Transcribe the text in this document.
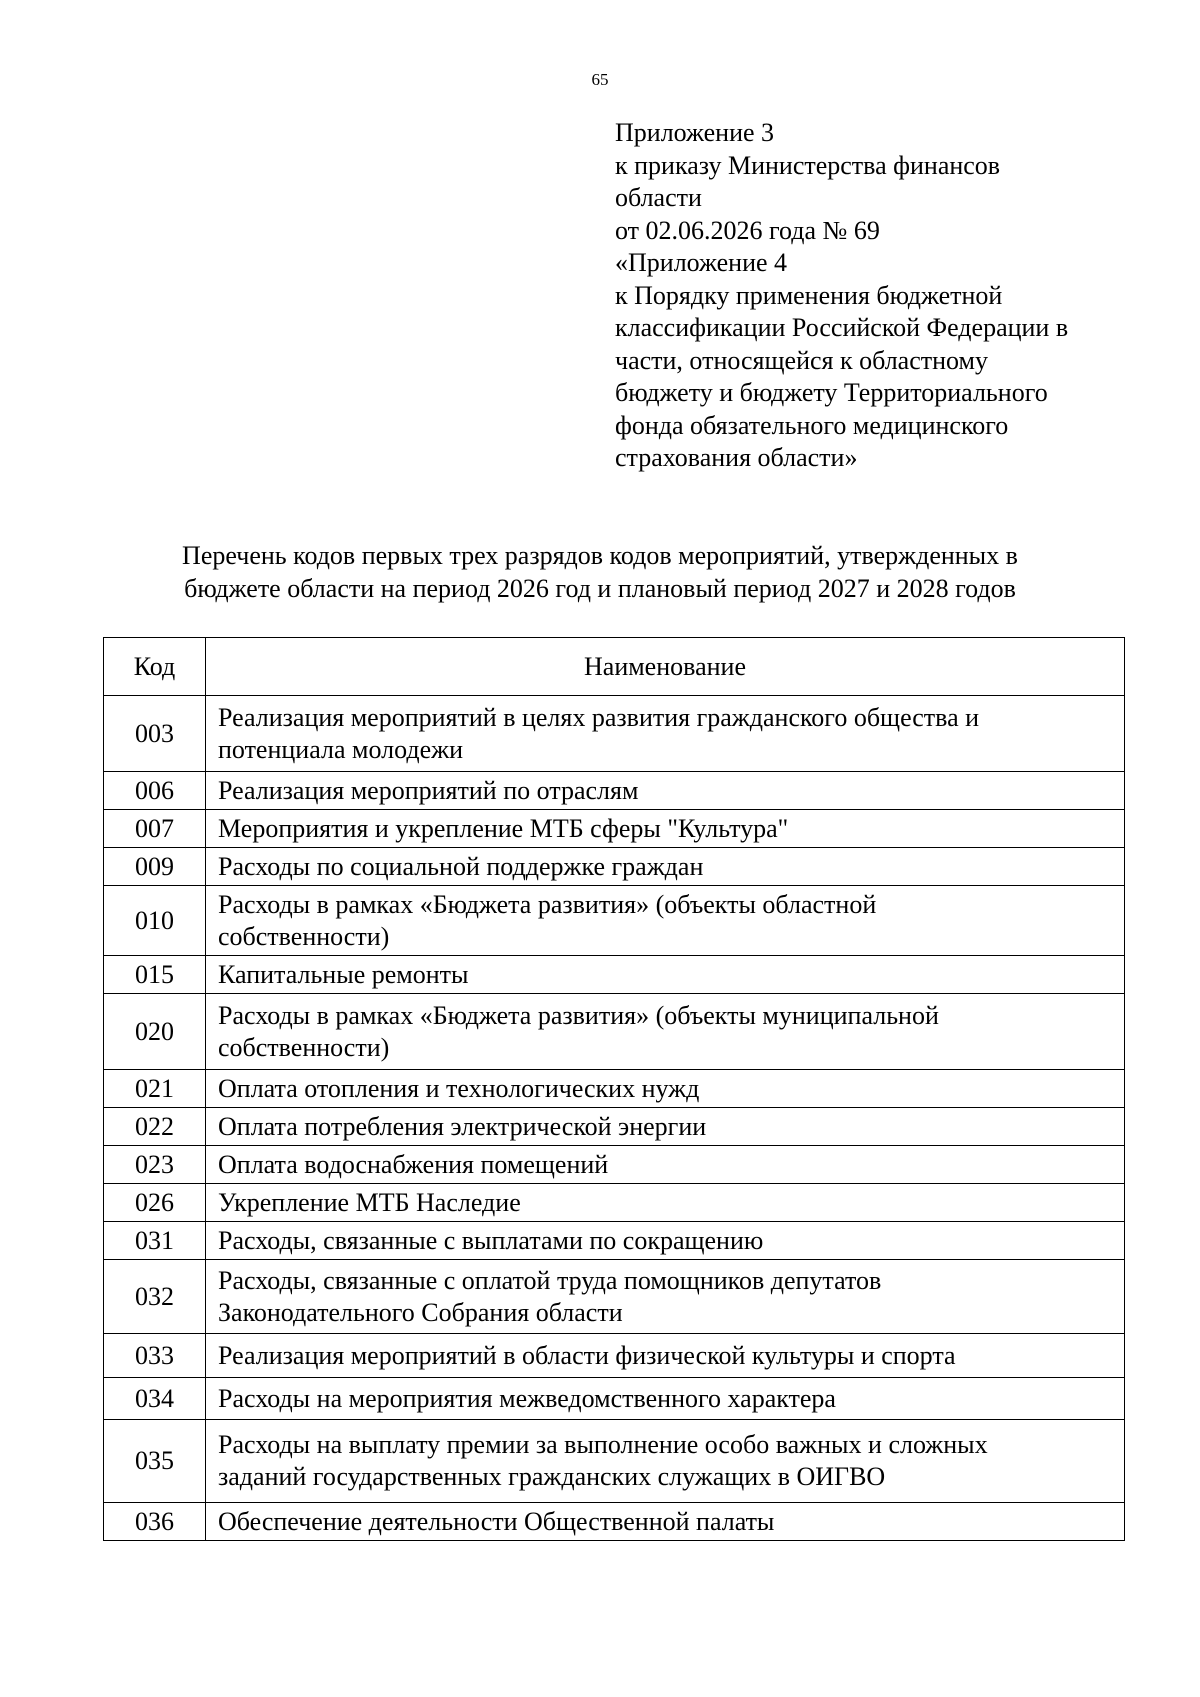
65
Приложение 3
к приказу Министерства финансов
области
от 02.06.2026 года № 69
«Приложение 4
к Порядку применения бюджетной
классификации Российской Федерации в
части, относящейся к областному
бюджету и бюджету Территориального
фонда обязательного медицинского
страхования области»
Перечень кодов первых трех разрядов кодов мероприятий, утвержденных в
бюджете области на период 2026 год и плановый период 2027 и 2028 годов
Код	Наименование
003	Реализация мероприятий в целях развития гражданского общества и
потенциала молодежи

006	Реализация мероприятий по отраслям

007	Мероприятия и укрепление МТБ сферы "Культура"

009	Расходы по социальной поддержке граждан

010	Расходы в рамках «Бюджета развития» (объекты областной
собственности)

015	Капитальные ремонты

020	Расходы в рамках «Бюджета развития» (объекты муниципальной
собственности)

021	Оплата отопления и технологических нужд

022	Оплата потребления электрической энергии

023	Оплата водоснабжения помещений

026	Укрепление МТБ Наследие

031	Расходы, связанные с выплатами по сокращению

032	Расходы, связанные с оплатой труда помощников депутатов
Законодательного Собрания области

033	Реализация мероприятий в области физической культуры и спорта

034	Расходы на мероприятия межведомственного характера

035	Расходы на выплату премии за выполнение особо важных и сложных
заданий государственных гражданских служащих в ОИГВО

036	Обеспечение деятельности Общественной палаты
